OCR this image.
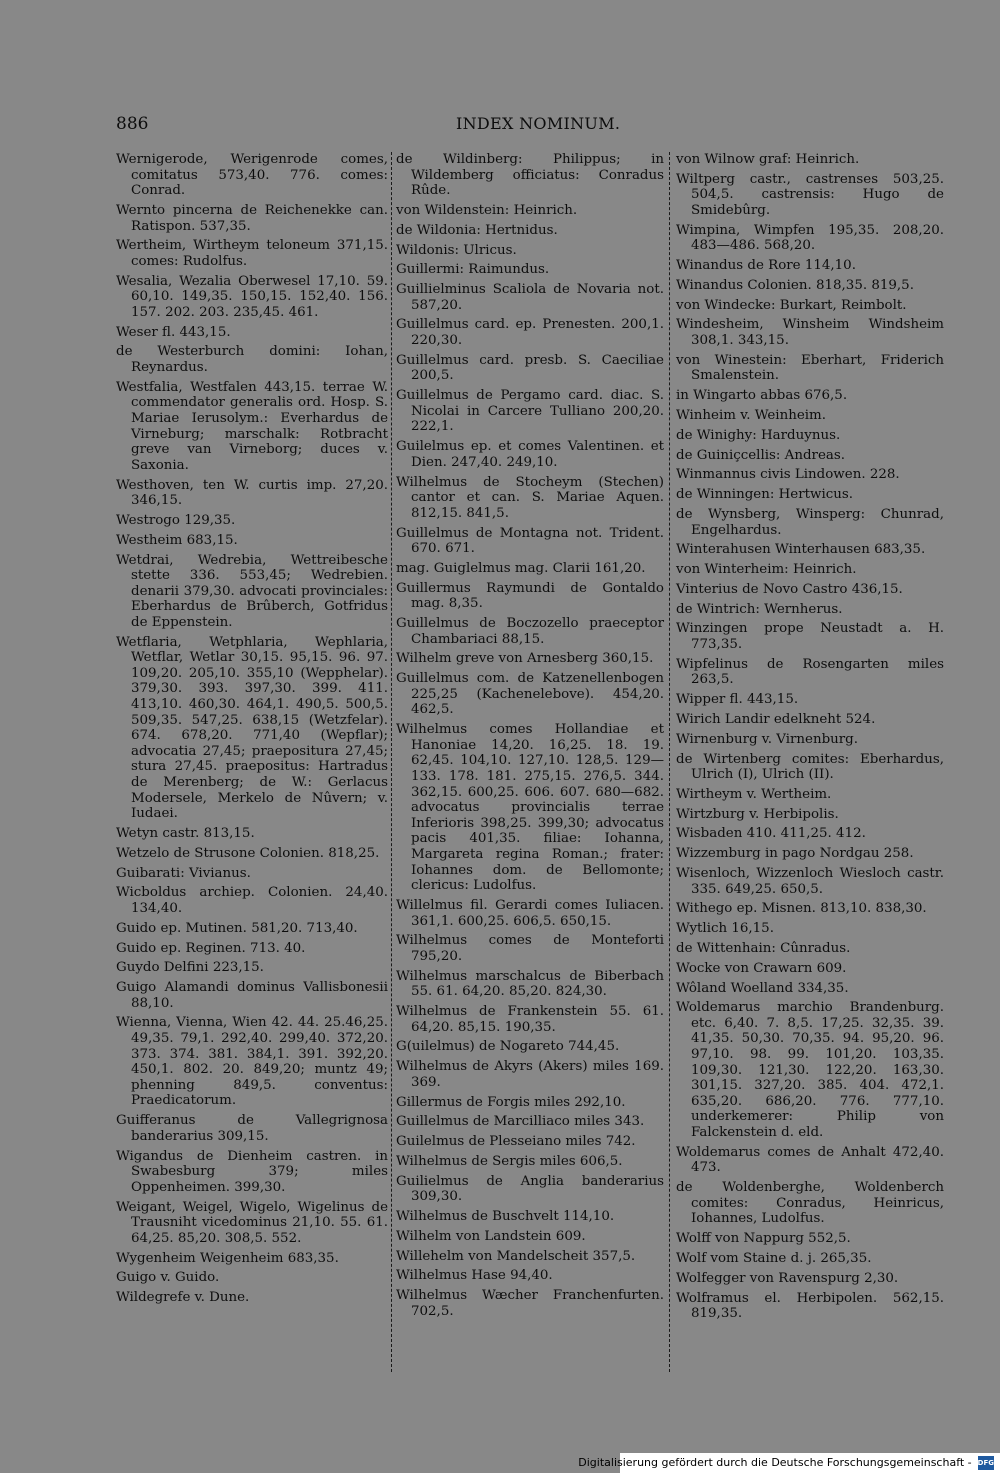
886	INDEX NOMINUM.
Wernigerode, Werigenrode comes, comitatus 573,40. 776. comes: Conrad.
Wernto pincerna de Reichenekke can. Ratispon. 537,35.
Wertheim, Wirtheym teloneum 371,15. comes: Rudolfus.
Wesalia, Wezalia Oberwesel 17,10. 59. 60,10. 149,35. 150,15. 152,40. 156. 157. 202. 203. 235,45. 461.
Weser fl. 443,15.
de Westerburch domini: Iohan, Reynardus.
Westfalia, Westfalen 443,15. terrae W. commendator generalis ord. Hosp. S. Mariae Ierusolym.: Everhardus de Virneburg; marschalk: Rotbracht greve van Virneborg; duces v. Saxonia.
Westhoven, ten W. curtis imp. 27,20. 346,15.
Westrogo 129,35.
Westheim 683,15.
Wetdrai, Wedrebia, Wettreibesche stette 336. 553,45; Wedrebien. denarii 379,30. advocati provinciales: Eberhardus de Brûberch, Gotfridus de Eppenstein.
Wetflaria, Wetphlaria, Wephlaria, Wetflar, Wetlar 30,15. 95,15. 96. 97. 109,20. 205,10. 355,10 (Wepphelar). 379,30. 393. 397,30. 399. 411. 413,10. 460,30. 464,1. 490,5. 500,5. 509,35. 547,25. 638,15 (Wetzfelar). 674. 678,20. 771,40 (Wepflar); advocatia 27,45; praepositura 27,45; stura 27,45. praepositus: Hartradus de Merenberg; de W.: Gerlacus Modersele, Merkelo de Nûvern; v. Iudaei.
Wetyn castr. 813,15.
Wetzelo de Strusone Colonien. 818,25.
Guibarati: Vivianus.
Wicboldus archiep. Colonien. 24,40. 134,40.
Guido ep. Mutinen. 581,20. 713,40.
Guido ep. Reginen. 713. 40.
Guydo Delfini 223,15.
Guigo Alamandi dominus Vallisbonesii 88,10.
Wienna, Vienna, Wien 42. 44. 25.46,25. 49,35. 79,1. 292,40. 299,40. 372,20. 373. 374. 381. 384,1. 391. 392,20. 450,1. 802. 20. 849,20; muntz 49; phenning 849,5. conventus: Praedicatorum.
Guifferanus de Vallegrignosa banderarius 309,15.
Wigandus de Dienheim castren. in Swabesburg 379; miles Oppenheimen. 399,30.
Weigant, Weigel, Wigelo, Wigelinus de Trausniht vicedominus 21,10. 55. 61. 64,25. 85,20. 308,5. 552.
Wygenheim Weigenheim 683,35.
Guigo v. Guido.
Wildegrefe v. Dune.
de Wildinberg: Philippus; in Wildemberg officiatus: Conradus Rûde.
von Wildenstein: Heinrich.
de Wildonia: Hertnidus.
Wildonis: Ulricus.
Guillermi: Raimundus.
Guillielminus Scaliola de Novaria not. 587,20.
Guillelmus card. ep. Prenesten. 200,1. 220,30.
Guillelmus card. presb. S. Caeciliae 200,5.
Guillelmus de Pergamo card. diac. S. Nicolai in Carcere Tulliano 200,20. 222,1.
Guilelmus ep. et comes Valentinen. et Dien. 247,40. 249,10.
Wilhelmus de Stocheym (Stechen) cantor et can. S. Mariae Aquen. 812,15. 841,5.
Guillelmus de Montagna not. Trident. 670. 671.
mag. Guiglelmus mag. Clarii 161,20.
Guillermus Raymundi de Gontaldo mag. 8,35.
Guillelmus de Boczozello praeceptor Chambariaci 88,15.
Wilhelm greve von Arnesberg 360,15.
Guillelmus com. de Katzenellenbogen 225,25 (Kachenelebove). 454,20. 462,5.
Wilhelmus comes Hollandiae et Hanoniae 14,20. 16,25. 18. 19. 62,45. 104,10. 127,10. 128,5. 129—133. 178. 181. 275,15. 276,5. 344. 362,15. 600,25. 606. 607. 680—682. advocatus provincialis terrae Inferioris 398,25. 399,30; advocatus pacis 401,35. filiae: Iohanna, Margareta regina Roman.; frater: Iohannes dom. de Bellomonte; clericus: Ludolfus.
Willelmus fil. Gerardi comes Iuliacen. 361,1. 600,25. 606,5. 650,15.
Wilhelmus comes de Monteforti 795,20.
Wilhelmus marschalcus de Biberbach 55. 61. 64,20. 85,20. 824,30.
Wilhelmus de Frankenstein 55. 61. 64,20. 85,15. 190,35.
G(uilelmus) de Nogareto 744,45.
Wilhelmus de Akyrs (Akers) miles 169. 369.
Gillermus de Forgis miles 292,10.
Guillelmus de Marcilliaco miles 343.
Guilelmus de Plesseiano miles 742.
Wilhelmus de Sergis miles 606,5.
Guilielmus de Anglia banderarius 309,30.
Wilhelmus de Buschvelt 114,10.
Wilhelm von Landstein 609.
Willehelm von Mandelscheit 357,5.
Wilhelmus Hase 94,40.
Wilhelmus Wæcher Franchenfurten. 702,5.
von Wilnow graf: Heinrich.
Wiltperg castr., castrenses 503,25. 504,5. castrensis: Hugo de Smidebûrg.
Wimpina, Wimpfen 195,35. 208,20. 483—486. 568,20.
Winandus de Rore 114,10.
Winandus Colonien. 818,35. 819,5.
von Windecke: Burkart, Reimbolt.
Windesheim, Winsheim Windsheim 308,1. 343,15.
von Winestein: Eberhart, Friderich Smalenstein.
in Wingarto abbas 676,5.
Winheim v. Weinheim.
de Winighy: Harduynus.
de Guiniçcellis: Andreas.
Winmannus civis Lindowen. 228.
de Winningen: Hertwicus.
de Wynsberg, Winsperg: Chunrad, Engelhardus.
Winterahusen Winterhausen 683,35.
von Winterheim: Heinrich.
Vinterius de Novo Castro 436,15.
de Wintrich: Wernherus.
Winzingen prope Neustadt a. H. 773,35.
Wipfelinus de Rosengarten miles 263,5.
Wipper fl. 443,15.
Wirich Landir edelkneht 524.
Wirnenburg v. Virnenburg.
de Wirtenberg comites: Eberhardus, Ulrich (I), Ulrich (II).
Wirtheym v. Wertheim.
Wirtzburg v. Herbipolis.
Wisbaden 410. 411,25. 412.
Wizzemburg in pago Nordgau 258.
Wisenloch, Wizzenloch Wiesloch castr. 335. 649,25. 650,5.
Withego ep. Misnen. 813,10. 838,30.
Wytlich 16,15.
de Wittenhain: Cûnradus.
Wocke von Crawarn 609.
Wôland Woelland 334,35.
Woldemarus marchio Brandenburg. etc. 6,40. 7. 8,5. 17,25. 32,35. 39. 41,35. 50,30. 70,35. 94. 95,20. 96. 97,10. 98. 99. 101,20. 103,35. 109,30. 121,30. 122,20. 163,30. 301,15. 327,20. 385. 404. 472,1. 635,20. 686,20. 776. 777,10. underkemerer: Philip von Falckenstein d. eld.
Woldemarus comes de Anhalt 472,40. 473.
de Woldenberghe, Woldenberch comites: Conradus, Heinricus, Iohannes, Ludolfus.
Wolff von Nappurg 552,5.
Wolf vom Staine d. j. 265,35.
Wolfegger von Ravenspurg 2,30.
Wolframus el. Herbipolen. 562,15. 819,35.
Digitalisierung gefördert durch die Deutsche Forschungsgemeinschaft - DFG
